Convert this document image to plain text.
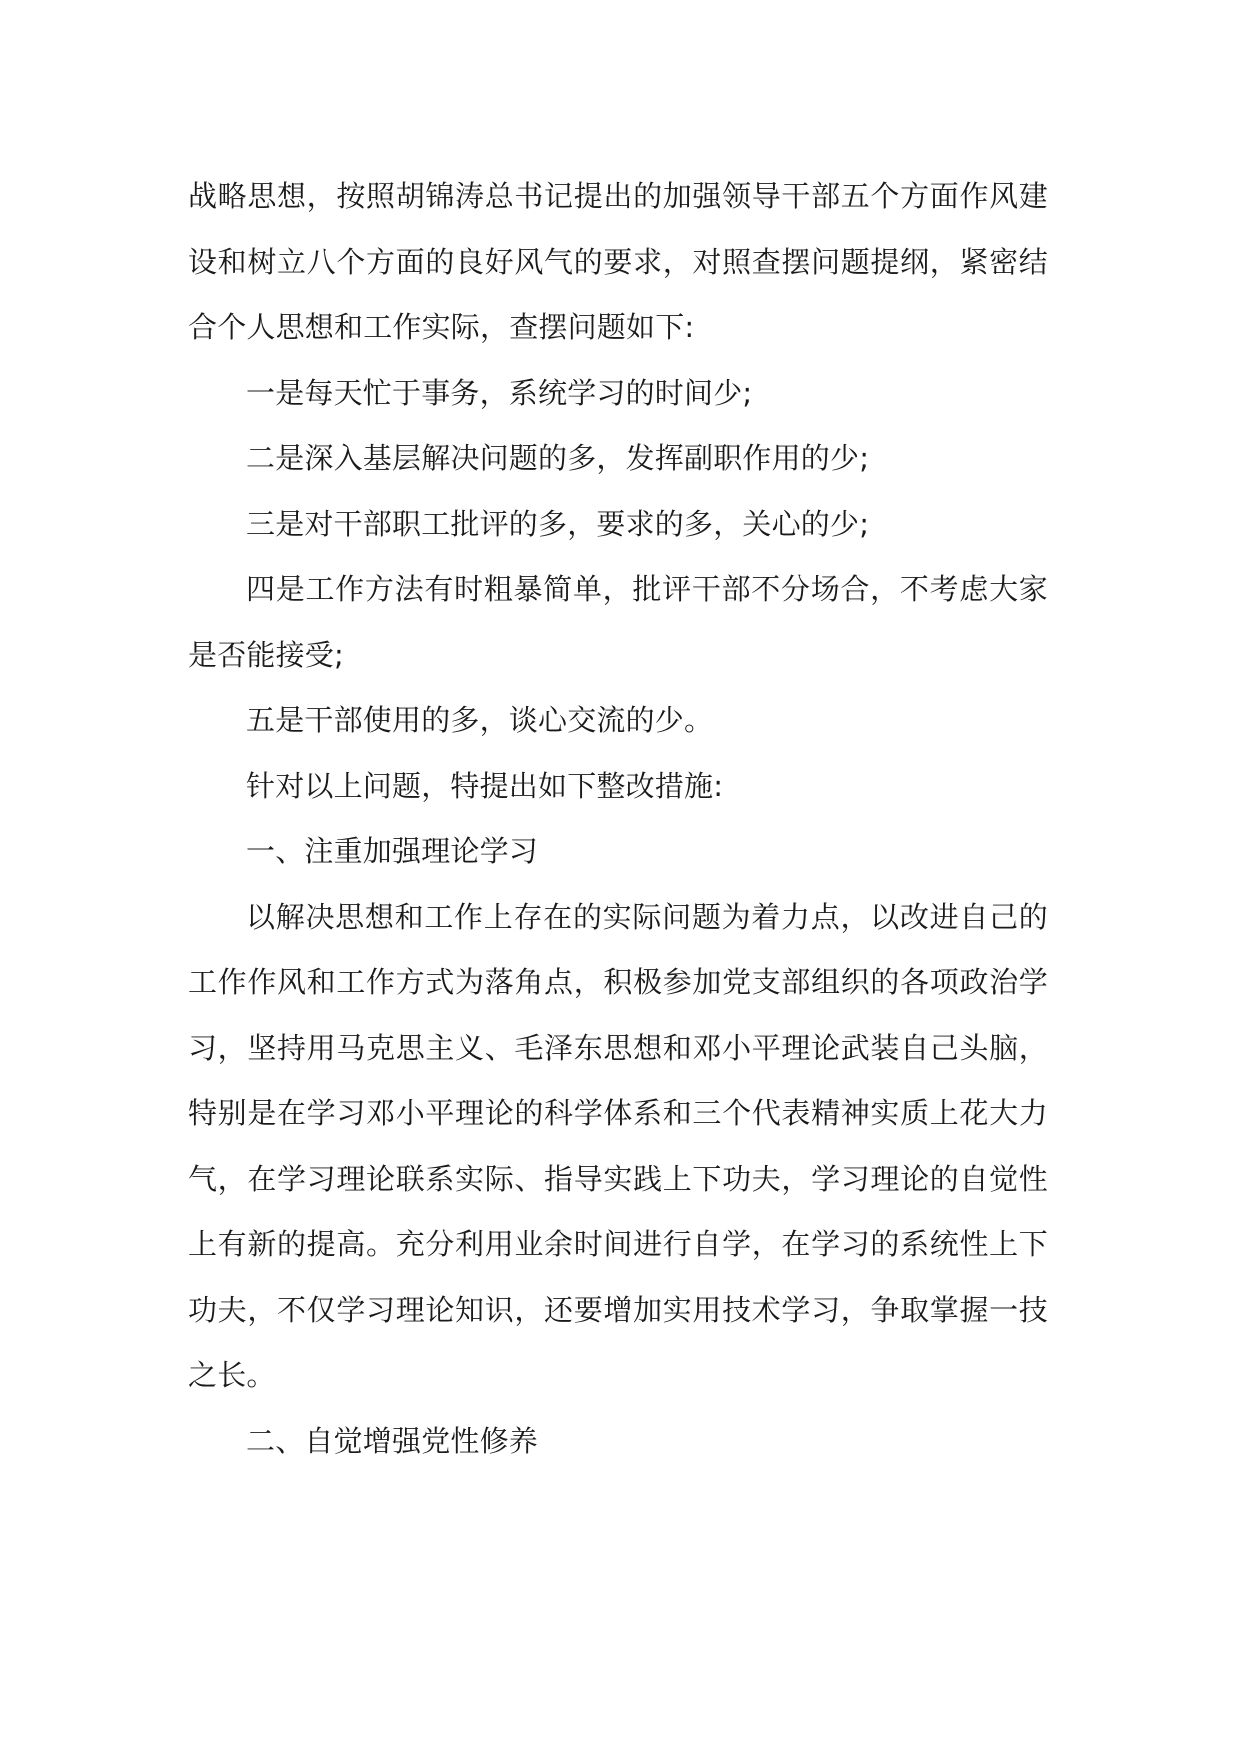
战略思想，按照胡锦涛总书记提出的加强领导干部五个方面作风建设和树立八个方面的良好风气的要求，对照查摆问题提纲，紧密结合个人思想和工作实际，查摆问题如下:

一是每天忙于事务，系统学习的时间少;

二是深入基层解决问题的多，发挥副职作用的少;

三是对干部职工批评的多，要求的多，关心的少;

四是工作方法有时粗暴简单，批评干部不分场合，不考虑大家是否能接受;

五是干部使用的多，谈心交流的少。

针对以上问题，特提出如下整改措施:

一、注重加强理论学习

以解决思想和工作上存在的实际问题为着力点，以改进自己的工作作风和工作方式为落角点，积极参加党支部组织的各项政治学习，坚持用马克思主义、毛泽东思想和邓小平理论武装自己头脑，特别是在学习邓小平理论的科学体系和三个代表精神实质上花大力气，在学习理论联系实际、指导实践上下功夫，学习理论的自觉性上有新的提高。充分利用业余时间进行自学，在学习的系统性上下功夫，不仅学习理论知识，还要增加实用技术学习，争取掌握一技之长。

二、自觉增强党性修养
